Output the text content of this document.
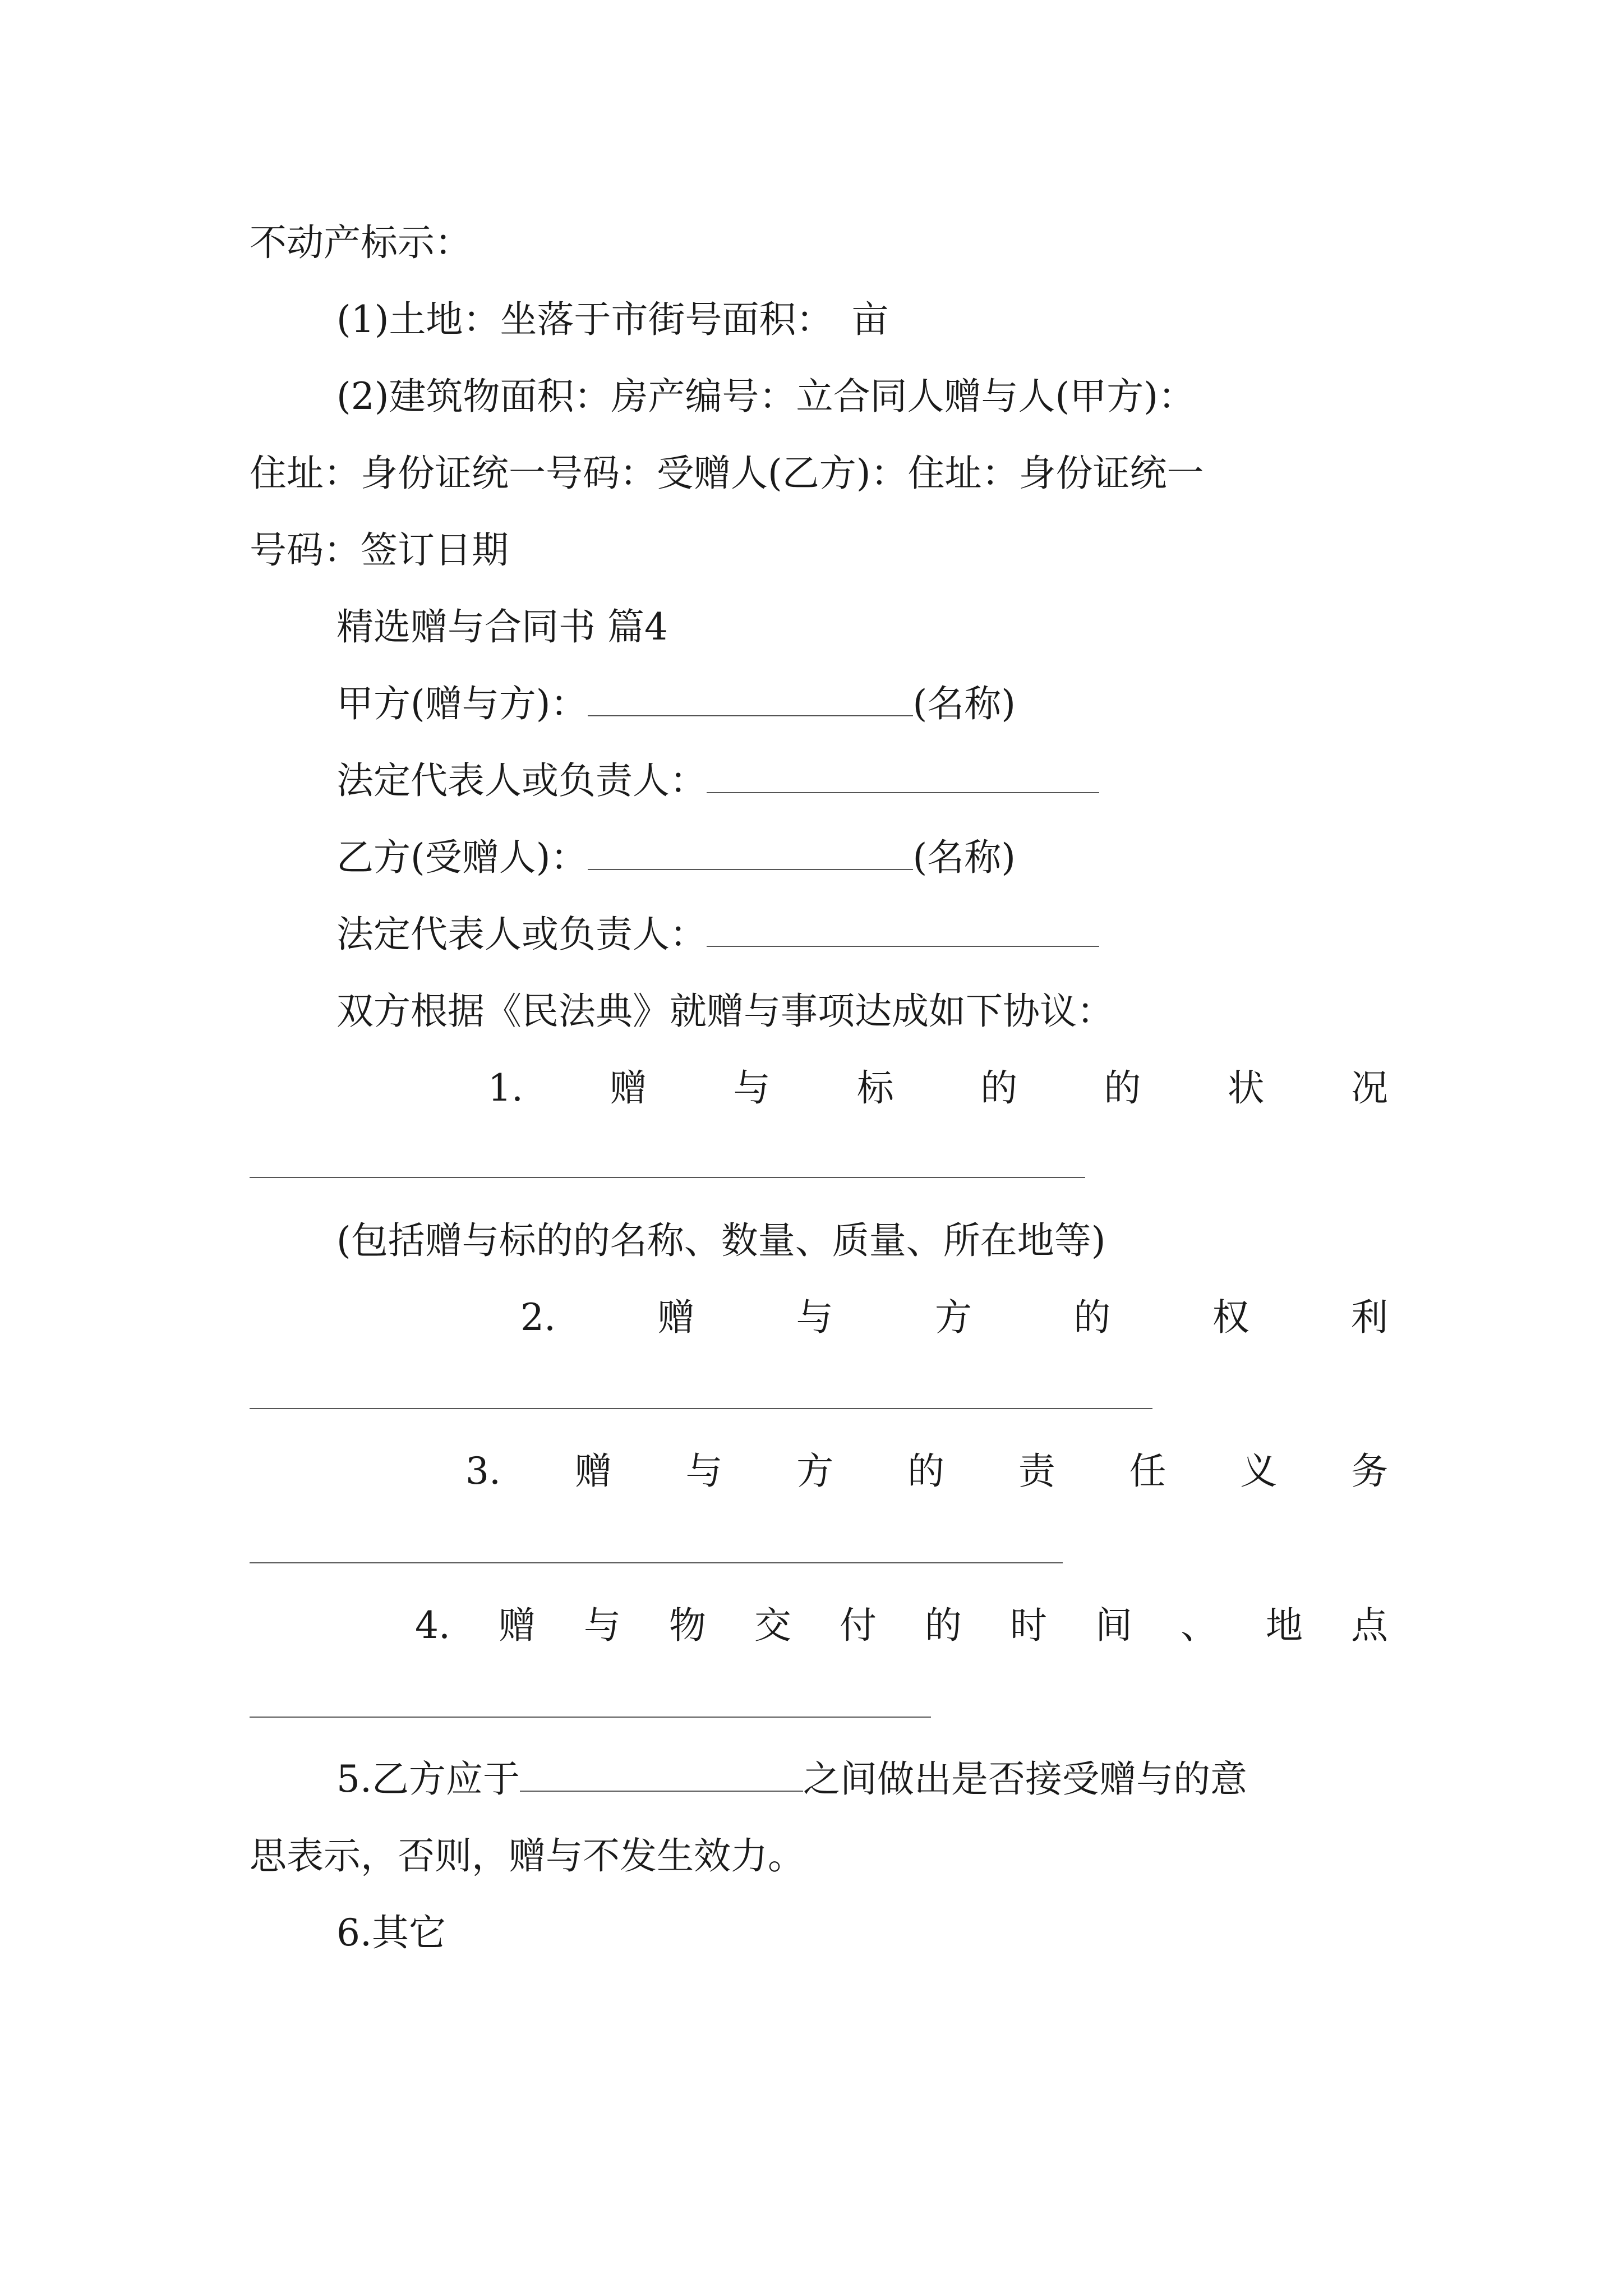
不动产标示：
(1)土地：坐落于市街号面积：　亩
(2)建筑物面积：房产编号：立合同人赠与人(甲方)：
住址：身份证统一号码：受赠人(乙方)：住址：身份证统一
号码：签订日期
精选赠与合同书 篇4
甲方(赠与方)：	(名称)
法定代表人或负责人：
乙方(受赠人)：	(名称)
法定代表人或负责人：
双方根据《民法典》就赠与事项达成如下协议：
1. 赠 与 标 的 的 状 况
(包括赠与标的的名称、数量、质量、所在地等)
2.	赠	与	方	的	权	利
3. 赠 与 方 的 责 任 义 务
4. 赠 与 物 交 付 的 时 间 、 地 点
5.乙方应于	之间做出是否接受赠与的意
思表示，否则，赠与不发生效力。
6.其它
